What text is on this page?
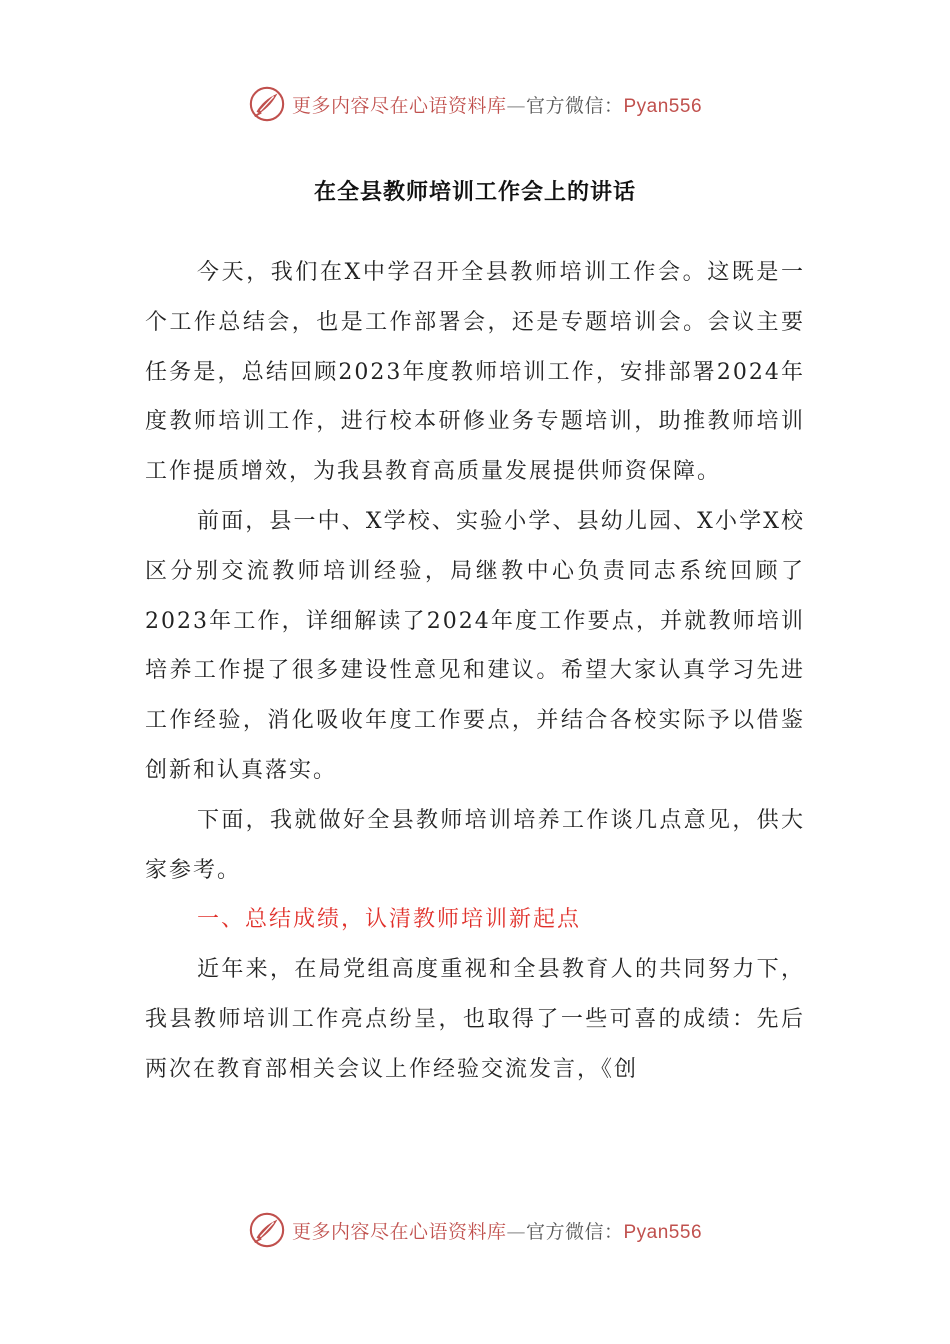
更多内容尽在心语资料库—官方微信：Pyan556
在全县教师培训工作会上的讲话

今天，我们在X中学召开全县教师培训工作会。这既是一个工作总结会，也是工作部署会，还是专题培训会。会议主要任务是，总结回顾2023年度教师培训工作，安排部署2024年度教师培训工作，进行校本研修业务专题培训，助推教师培训工作提质增效，为我县教育高质量发展提供师资保障。

前面，县一中、X学校、实验小学、县幼儿园、X小学X校区分别交流教师培训经验，局继教中心负责同志系统回顾了2023年工作，详细解读了2024年度工作要点，并就教师培训培养工作提了很多建设性意见和建议。希望大家认真学习先进工作经验，消化吸收年度工作要点，并结合各校实际予以借鉴创新和认真落实。

下面，我就做好全县教师培训培养工作谈几点意见，供大家参考。

一、总结成绩，认清教师培训新起点

近年来，在局党组高度重视和全县教育人的共同努力下，我县教师培训工作亮点纷呈，也取得了一些可喜的成绩：先后两次在教育部相关会议上作经验交流发言，《创

更多内容尽在心语资料库—官方微信：Pyan556
